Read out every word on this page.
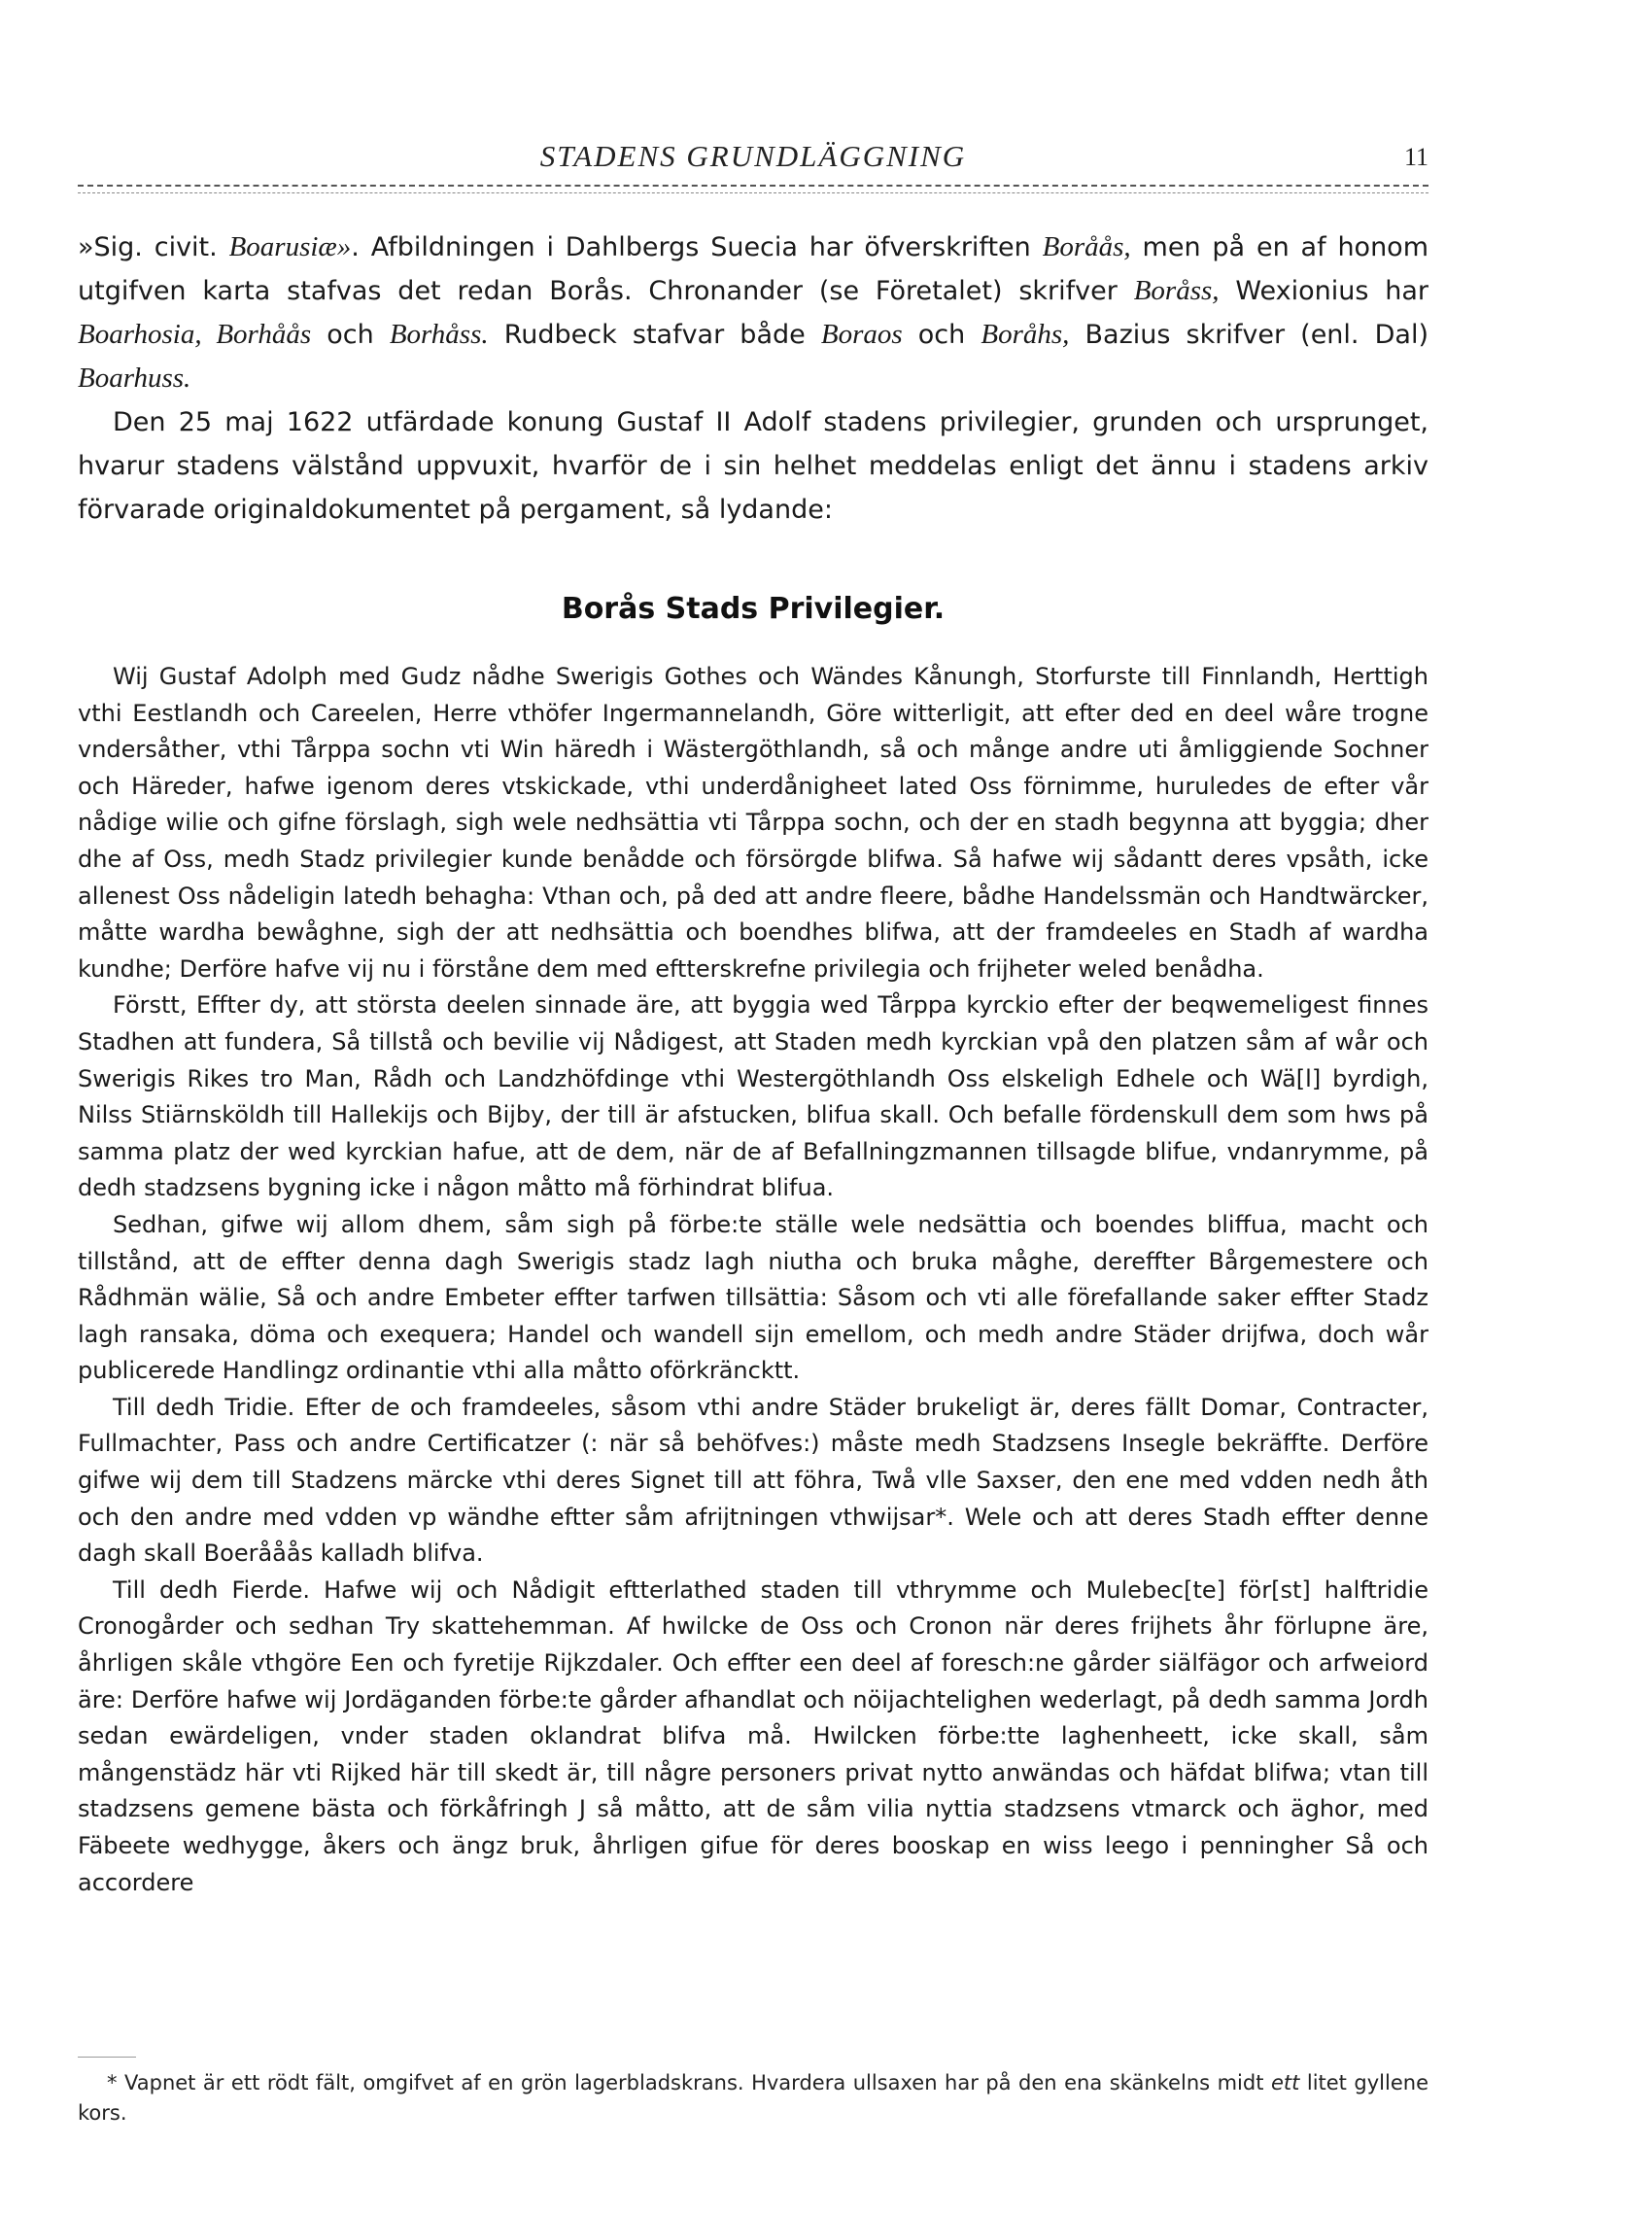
STADENS GRUNDLÄGGNING	11

»Sig. civit. Boarusiæ». Afbildningen i Dahlbergs Suecia har öfverskriften Boråås, men på en af honom utgifven karta stafvas det redan Borås. Chronander (se Företalet) skrifver Boråss, Wexionius har Boarhosia, Borhåås och Borhåss. Rudbeck stafvar både Boraos och Boråhs, Bazius skrifver (enl. Dal) Boarhuss.

Den 25 maj 1622 utfärdade konung Gustaf II Adolf stadens privilegier, grunden och ursprunget, hvarur stadens välstånd uppvuxit, hvarför de i sin helhet meddelas enligt det ännu i stadens arkiv förvarade originaldokumentet på pergament, så lydande:

Borås Stads Privilegier.

Wij Gustaf Adolph med Gudz nådhe Swerigis Gothes och Wändes Kånungh, Storfurste till Finnlandh, Herttigh vthi Eestlandh och Careelen, Herre vthöfer Ingermannelandh, Göre witterligit, att efter ded en deel wåre trogne vndersåther, vthi Tårppa sochn vti Win häredh i Wästergöthlandh, så och månge andre uti åmliggiende Sochner och Häreder, hafwe igenom deres vtskickade, vthi underdånigheet lated Oss förnimme, huruledes de efter vår nådige wilie och gifne förslagh, sigh wele nedhsättia vti Tårppa sochn, och der en stadh begynna att byggia; dher dhe af Oss, medh Stadz privilegier kunde benådde och försörgde blifwa. Så hafwe wij sådantt deres vpsåth, icke allenest Oss nådeligin latedh behagha: Vthan och, på ded att andre fleere, bådhe Handelssmän och Handtwärcker, måtte wardha bewåghne, sigh der att nedhsättia och boendhes blifwa, att der framdeeles en Stadh af wardha kundhe; Derföre hafve vij nu i förståne dem med eftterskrefne privilegia och frijheter weled benådha.

Förstt, Effter dy, att största deelen sinnade äre, att byggia wed Tårppa kyrckio efter der beqwemeligest finnes Stadhen att fundera, Så tillstå och bevilie vij Nådigest, att Staden medh kyrckian vpå den platzen såm af wår och Swerigis Rikes tro Man, Rådh och Landzhöfdinge vthi Westergöthlandh Oss elskeligh Edhele och Wä[l] byrdigh, Nilss Stiärnsköldh till Hallekijs och Bijby, der till är afstucken, blifua skall. Och befalle fördenskull dem som hws på samma platz der wed kyrckian hafue, att de dem, när de af Befallningzmannen tillsagde blifue, vndanrymme, på dedh stadzsens bygning icke i någon måtto må förhindrat blifua.

Sedhan, gifwe wij allom dhem, såm sigh på förbe:te ställe wele nedsättia och boendes bliffua, macht och tillstånd, att de effter denna dagh Swerigis stadz lagh niutha och bruka måghe, dereffter Bårgemestere och Rådhmän wälie, Så och andre Embeter effter tarfwen tillsättia: Såsom och vti alle förefallande saker effter Stadz lagh ransaka, döma och exequera; Handel och wandell sijn emellom, och medh andre Städer drijfwa, doch wår publicerede Handlingz ordinantie vthi alla måtto oförkräncktt.

Till dedh Tridie. Efter de och framdeeles, såsom vthi andre Städer brukeligt är, deres fällt Domar, Contracter, Fullmachter, Pass och andre Certificatzer (: när så behöfves:) måste medh Stadzsens Insegle bekräffte. Derföre gifwe wij dem till Stadzens märcke vthi deres Signet till att föhra, Twå vlle Saxser, den ene med vdden nedh åth och den andre med vdden vp wändhe eftter såm afrijtningen vthwijsar*. Wele och att deres Stadh effter denne dagh skall Boerååås kalladh blifva.

Till dedh Fierde. Hafwe wij och Nådigit eftterlathed staden till vthrymme och Mulebec[te] för[st] halftridie Cronogårder och sedhan Try skattehemman. Af hwilcke de Oss och Cronon när deres frijhets åhr förlupne äre, åhrligen skåle vthgöre Een och fyretije Rijkzdaler. Och effter een deel af foresch:ne gårder siälfägor och arfweiord äre: Derföre hafwe wij Jordäganden förbe:te gårder afhandlat och nöijachtelighen wederlagt, på dedh samma Jordh sedan ewärdeligen, vnder staden oklandrat blifva må. Hwilcken förbe:tte laghenheett, icke skall, såm mångenstädz här vti Rijked här till skedt är, till någre personers privat nytto anwändas och häfdat blifwa; vtan till stadzsens gemene bästa och förkåfringh J så måtto, att de såm vilia nyttia stadzsens vtmarck och äghor, med Fäbeete wedhygge, åkers och ängz bruk, åhrligen gifue för deres booskap en wiss leego i penningher Så och accordere

* Vapnet är ett rödt fält, omgifvet af en grön lagerbladskrans. Hvardera ullsaxen har på den ena skänkelns midt ett litet gyllene kors.
